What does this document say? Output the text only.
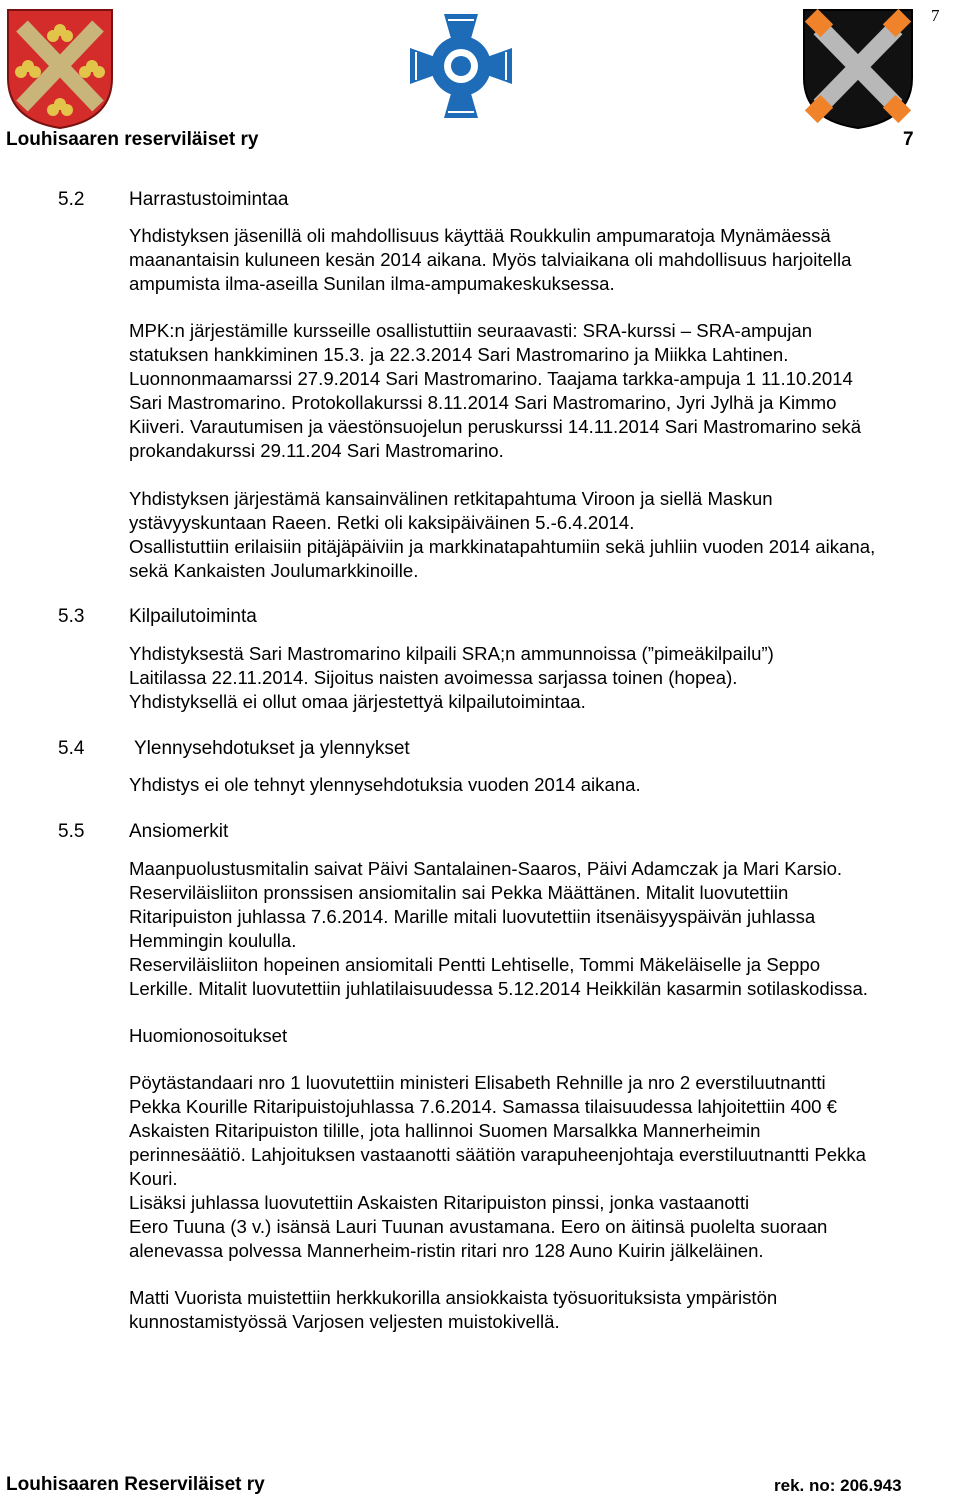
7
Louhisaaren reserviläiset ry	7
5.2 Harrastustoimintaa
Yhdistyksen jäsenillä oli mahdollisuus käyttää Roukkulin ampumaratoja Mynämäessä
maanantaisin kuluneen kesän 2014 aikana. Myös talviaikana oli mahdollisuus harjoitella
ampumista ilma-aseilla Sunilan ilma-ampumakeskuksessa.
MPK:n järjestämille kursseille osallistuttiin seuraavasti: SRA-kurssi – SRA-ampujan
statuksen hankkiminen 15.3. ja 22.3.2014 Sari Mastromarino ja Miikka Lahtinen.
Luonnonmaamarssi 27.9.2014 Sari Mastromarino. Taajama tarkka-ampuja 1 11.10.2014
Sari Mastromarino. Protokollakurssi 8.11.2014 Sari Mastromarino, Jyri Jylhä ja Kimmo
Kiiveri. Varautumisen ja väestönsuojelun peruskurssi 14.11.2014 Sari Mastromarino sekä
prokandakurssi 29.11.204 Sari Mastromarino.
Yhdistyksen järjestämä kansainvälinen retkitapahtuma Viroon ja siellä Maskun
ystävyyskuntaan Raeen. Retki oli kaksipäiväinen 5.-6.4.2014.
Osallistuttiin erilaisiin pitäjäpäiviin ja markkinatapahtumiin sekä juhliin vuoden 2014 aikana,
sekä Kankaisten Joulumarkkinoille.
5.3 Kilpailutoiminta
Yhdistyksestä Sari Mastromarino kilpaili SRA;n ammunnoissa (”pimeäkilpailu”)
Laitilassa 22.11.2014. Sijoitus naisten avoimessa sarjassa toinen (hopea).
Yhdistyksellä ei ollut omaa järjestettyä kilpailutoimintaa.
5.4	Ylennysehdotukset ja ylennykset
Yhdistys ei ole tehnyt ylennysehdotuksia vuoden 2014 aikana.
5.5 Ansiomerkit
Maanpuolustusmitalin saivat Päivi Santalainen-Saaros, Päivi Adamczak ja Mari Karsio.
Reserviläisliiton pronssisen ansiomitalin sai Pekka Määttänen. Mitalit luovutettiin
Ritaripuiston juhlassa 7.6.2014. Marille mitali luovutettiin itsenäisyyspäivän juhlassa
Hemmingin koululla.
Reserviläisliiton hopeinen ansiomitali Pentti Lehtiselle, Tommi Mäkeläiselle ja Seppo
Lerkille. Mitalit luovutettiin juhlatilaisuudessa 5.12.2014 Heikkilän kasarmin sotilaskodissa.
Huomionosoitukset
Pöytästandaari nro 1 luovutettiin ministeri Elisabeth Rehnille ja nro 2 everstiluutnantti
Pekka Kourille Ritaripuistojuhlassa 7.6.2014. Samassa tilaisuudessa lahjoitettiin 400 €
Askaisten Ritaripuiston tilille, jota hallinnoi Suomen Marsalkka Mannerheimin
perinnesäätiö. Lahjoituksen vastaanotti säätiön varapuheenjohtaja everstiluutnantti Pekka
Kouri.
Lisäksi juhlassa luovutettiin Askaisten Ritaripuiston pinssi, jonka vastaanotti
Eero Tuuna (3 v.) isänsä Lauri Tuunan avustamana. Eero on äitinsä puolelta suoraan
alenevassa polvessa Mannerheim-ristin ritari nro 128 Auno Kuirin jälkeläinen.
Matti Vuorista muistettiin herkkukorilla ansiokkaista työsuorituksista ympäristön
kunnostamistyössä Varjosen veljesten muistokivellä.
Louhisaaren Reserviläiset ry	rek. no: 206.943
